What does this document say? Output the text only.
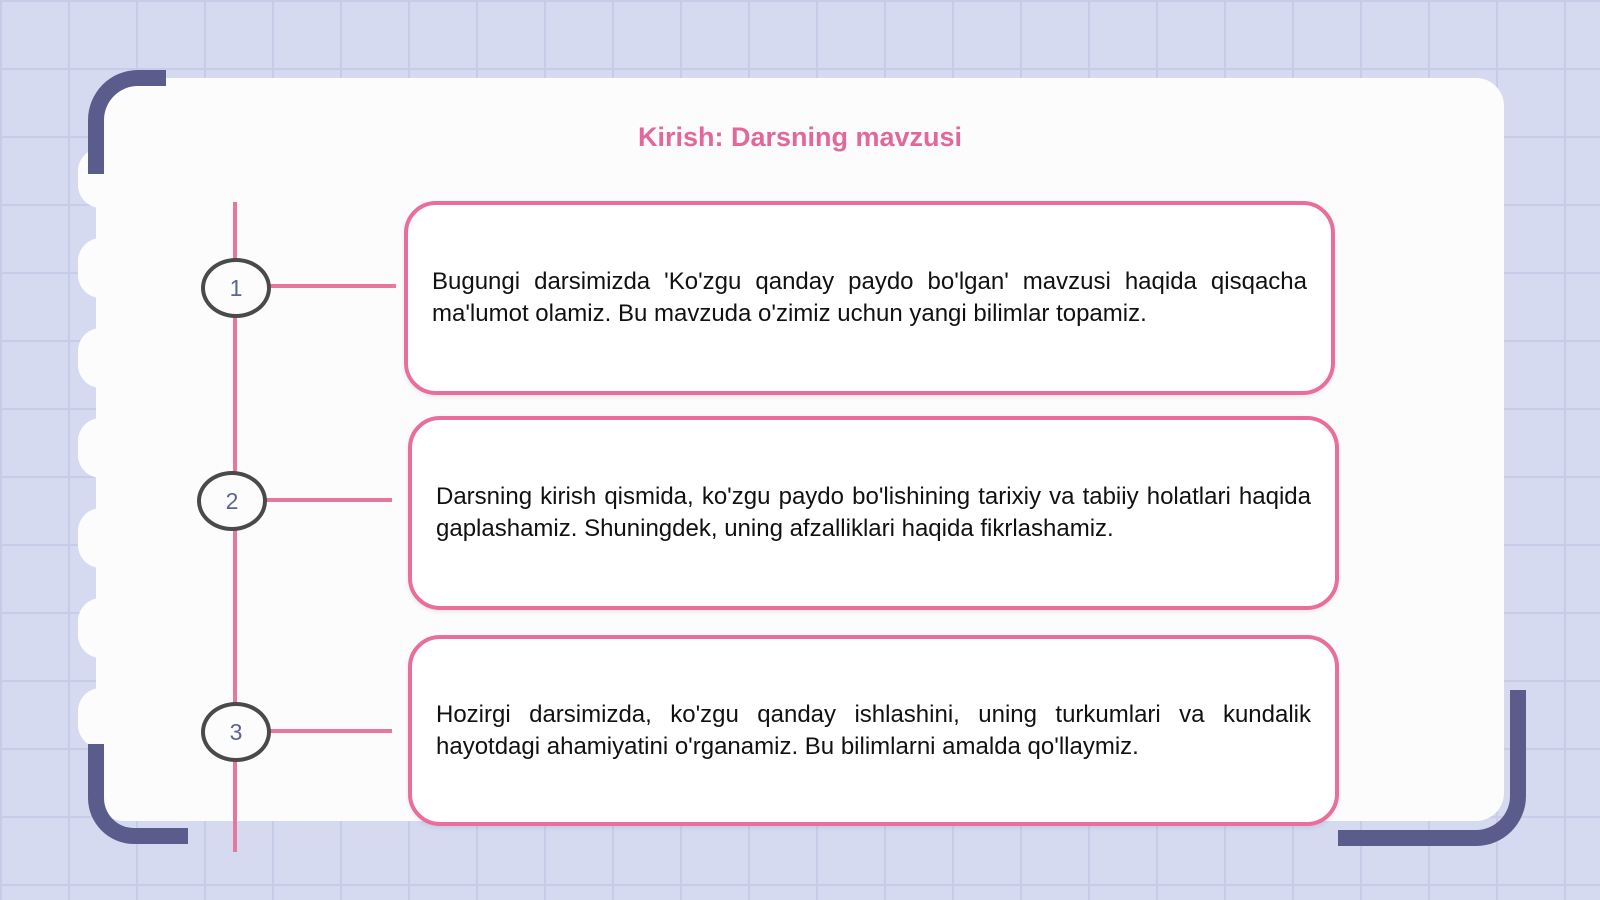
Kirish: Darsning mavzusi
1
2
3

Bugungi darsimizda 'Ko'zgu qanday paydo bo'lgan' mavzusi haqida qisqacha ma'lumot olamiz. Bu mavzuda o'zimiz uchun yangi bilimlar topamiz.

Darsning kirish qismida, ko'zgu paydo bo'lishining tarixiy va tabiiy holatlari haqida gaplashamiz. Shuningdek, uning afzalliklari haqida fikrlashamiz.

Hozirgi darsimizda, ko'zgu qanday ishlashini, uning turkumlari va kundalik hayotdagi ahamiyatini o'rganamiz. Bu bilimlarni amalda qo'llaymiz.
